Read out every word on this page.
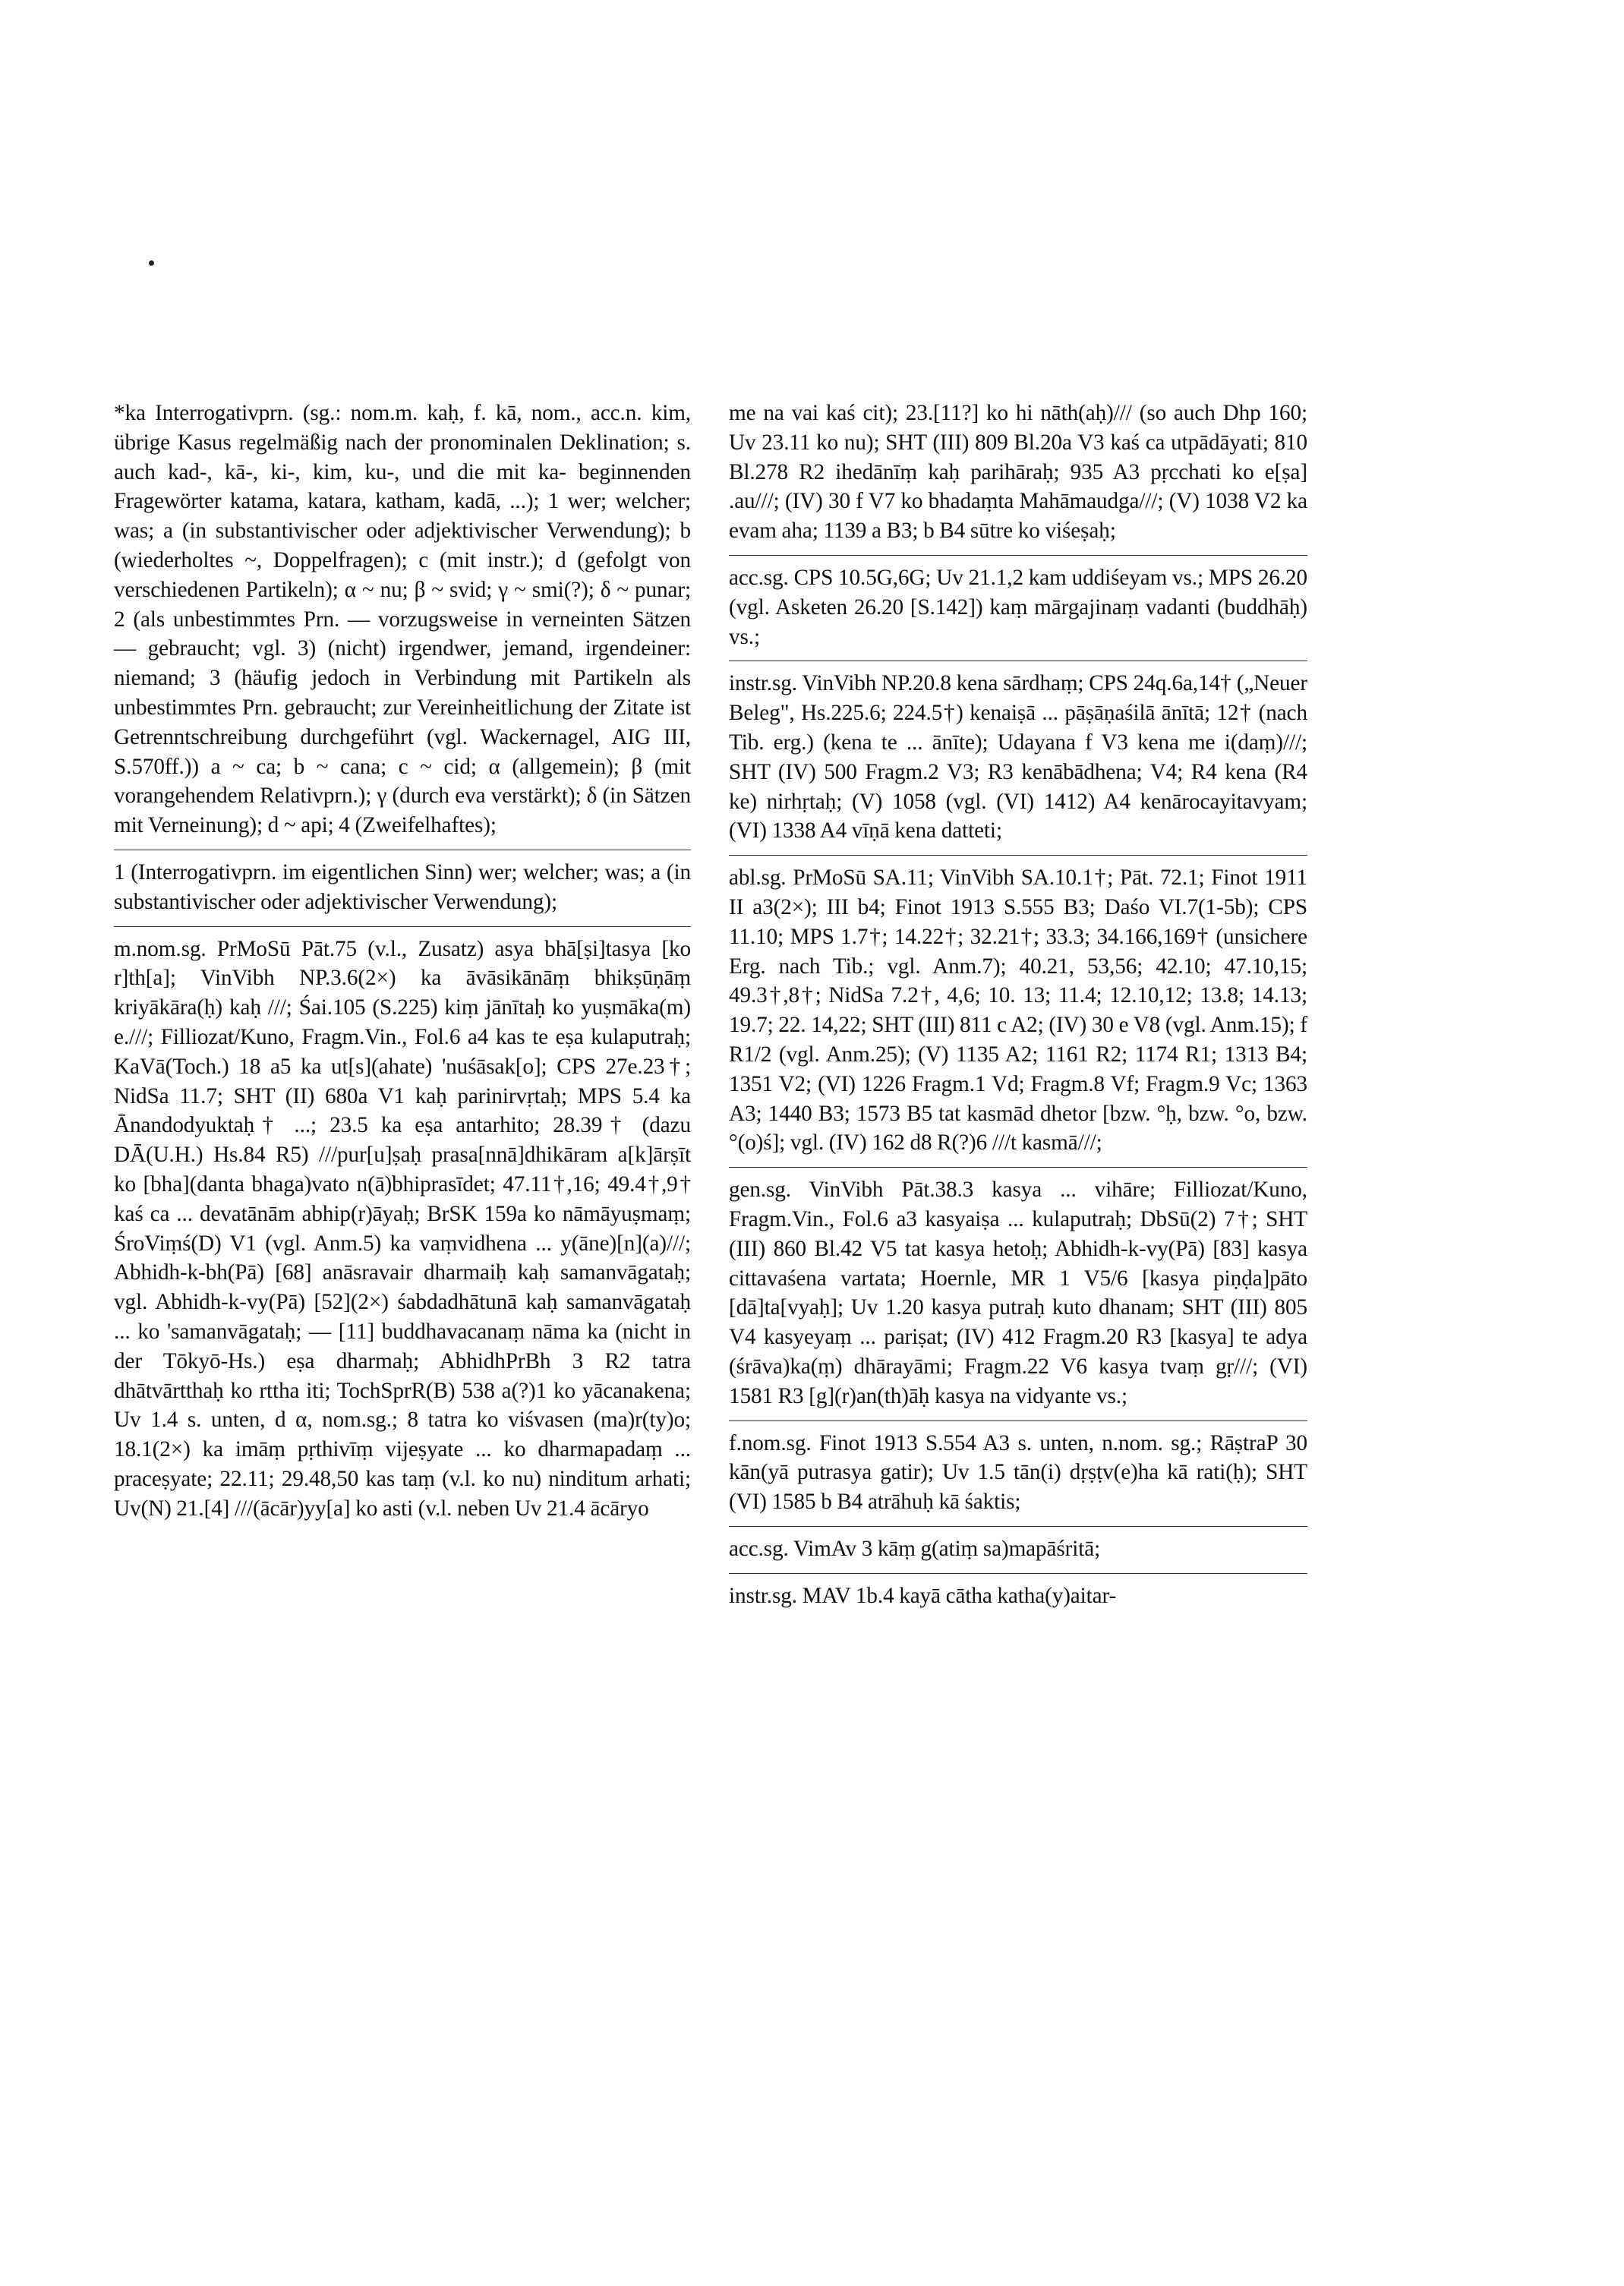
*ka Interrogativprn. (sg.: nom.m. kaḥ, f. kā, nom., acc.n. kim, übrige Kasus regelmäßig nach der pronominalen Deklination; s. auch kad-, kā-, ki-, kim, ku-, und die mit ka- beginnenden Fragewörter katama, katara, katham, kadā, ...); 1 wer; welcher; was; a (in substantivischer oder adjektivischer Verwendung); b (wiederholtes ~, Doppelfragen); c (mit instr.); d (gefolgt von verschiedenen Partikeln); α ~ nu; β ~ svid; γ ~ smi(?); δ ~ punar; 2 (als unbestimmtes Prn. — vorzugsweise in verneinten Sätzen — gebraucht; vgl. 3) (nicht) irgendwer, jemand, irgendeiner: niemand; 3 (häufig jedoch in Verbindung mit Partikeln als unbestimmtes Prn. gebraucht; zur Vereinheitlichung der Zitate ist Getrenntschreibung durchgeführt (vgl. Wackernagel, AIG III, S.570ff.)) a ~ ca; b ~ cana; c ~ cid; α (allgemein); β (mit vorangehendem Relativprn.); γ (durch eva verstärkt); δ (in Sätzen mit Verneinung); d ~ api; 4 (Zweifelhaftes);

1 (Interrogativprn. im eigentlichen Sinn) wer; welcher; was; a (in substantivischer oder adjektivischer Verwendung);

m.nom.sg. PrMoSū Pāt.75 (v.l., Zusatz) asya bhā[ṣi]tasya [ko r]th[a]; VinVibh NP.3.6(2×) ka āvāsikānāṃ bhikṣūṇāṃ kriyākāra(ḥ) kaḥ ///; Śai.105 (S.225) kiṃ jānītaḥ ko yuṣmāka(m) e.///; Filliozat/Kuno, Fragm.Vin., Fol.6 a4 kas te eṣa kulaputraḥ; KaVā(Toch.) 18 a5 ka ut[s](ahate) 'nuśāsak[o]; CPS 27e.23†; NidSa 11.7; SHT (II) 680a V1 kaḥ parinirvṛtaḥ; MPS 5.4 ka Ānandodyuktaḥ† ...; 23.5 ka eṣa antarhito; 28.39† (dazu DĀ(U.H.) Hs.84 R5) ///pur[u]ṣaḥ prasa[nnā]dhikāram a[k]ārṣīt ko [bha](danta bhaga)vato n(ā)bhiprasīdet; 47.11†,16; 49.4†,9† kaś ca ... devatānām abhip(r)āyaḥ; BrSK 159a ko nāmāyuṣmaṃ; ŚroViṃś(D) V1 (vgl. Anm.5) ka vaṃvidhena ... y(āne)[n](a)///; Abhidh-k-bh(Pā) [68] anāsravair dharmaiḥ kaḥ samanvāgataḥ; vgl. Abhidh-k-vy(Pā) [52](2×) śabdadhātunā kaḥ samanvāgataḥ ... ko 'samanvāgataḥ; — [11] buddhavacanaṃ nāma ka (nicht in der Tōkyō-Hs.) eṣa dharmaḥ; AbhidhPrBh 3 R2 tatra dhātvārtthaḥ ko rttha iti; TochSprR(B) 538 a(?)1 ko yācanakena; Uv 1.4 s. unten, d α, nom.sg.; 8 tatra ko viśvasen (ma)r(ty)o; 18.1(2×) ka imāṃ pṛthivīṃ vijeṣyate ... ko dharmapadaṃ ... praceṣyate; 22.11; 29.48,50 kas taṃ (v.l. ko nu) ninditum arhati; Uv(N) 21.[4] ///(ācār)yy[a] ko asti (v.l. neben Uv 21.4 ācāryo

me na vai kaś cit); 23.[11?] ko hi nāth(aḥ)/// (so auch Dhp 160; Uv 23.11 ko nu); SHT (III) 809 Bl.20a V3 kaś ca utpādāyati; 810 Bl.278 R2 ihedānīṃ kaḥ parihāraḥ; 935 A3 pṛcchati ko e[ṣa] .au///; (IV) 30 f V7 ko bhadaṃta Mahāmaudga///; (V) 1038 V2 ka evam aha; 1139 a B3; b B4 sūtre ko viśeṣaḥ;

acc.sg. CPS 10.5G,6G; Uv 21.1,2 kam uddiśeyam vs.; MPS 26.20 (vgl. Asketen 26.20 [S.142]) kaṃ mārgajinaṃ vadanti (buddhāḥ) vs.;

instr.sg. VinVibh NP.20.8 kena sārdhaṃ; CPS 24q.6a,14† („Neuer Beleg", Hs.225.6; 224.5†) kenaiṣā ... pāṣāṇaśilā ānītā; 12† (nach Tib. erg.) (kena te ... ānīte); Udayana f V3 kena me i(daṃ)///; SHT (IV) 500 Fragm.2 V3; R3 kenābādhena; V4; R4 kena (R4 ke) nirhṛtaḥ; (V) 1058 (vgl. (VI) 1412) A4 kenārocayitavyam; (VI) 1338 A4 vīṇā kena datteti;

abl.sg. PrMoSū SA.11; VinVibh SA.10.1†; Pāt. 72.1; Finot 1911 II a3(2×); III b4; Finot 1913 S.555 B3; Daśo VI.7(1-5b); CPS 11.10; MPS 1.7†; 14.22†; 32.21†; 33.3; 34.166,169† (unsichere Erg. nach Tib.; vgl. Anm.7); 40.21, 53,56; 42.10; 47.10,15; 49.3†,8†; NidSa 7.2†, 4,6; 10. 13; 11.4; 12.10,12; 13.8; 14.13; 19.7; 22. 14,22; SHT (III) 811 c A2; (IV) 30 e V8 (vgl. Anm.15); f R1/2 (vgl. Anm.25); (V) 1135 A2; 1161 R2; 1174 R1; 1313 B4; 1351 V2; (VI) 1226 Fragm.1 Vd; Fragm.8 Vf; Fragm.9 Vc; 1363 A3; 1440 B3; 1573 B5 tat kasmād dhetor [bzw. °ḥ, bzw. °o, bzw. °(o)ś]; vgl. (IV) 162 d8 R(?)6 ///t kasmā///;

gen.sg. VinVibh Pāt.38.3 kasya ... vihāre; Filliozat/Kuno, Fragm.Vin., Fol.6 a3 kasyaiṣa ... kulaputraḥ; DbSū(2) 7†; SHT (III) 860 Bl.42 V5 tat kasya hetoḥ; Abhidh-k-vy(Pā) [83] kasya cittavaśena vartata; Hoernle, MR 1 V5/6 [kasya piṇḍa]pāto [dā]ta[vyaḥ]; Uv 1.20 kasya putraḥ kuto dhanam; SHT (III) 805 V4 kasyeyaṃ ... pariṣat; (IV) 412 Fragm.20 R3 [kasya] te adya (śrāva)ka(ṃ) dhārayāmi; Fragm.22 V6 kasya tvaṃ gṛ///; (VI) 1581 R3 [g](r)an(th)āḥ kasya na vidyante vs.;

f.nom.sg. Finot 1913 S.554 A3 s. unten, n.nom. sg.; RāṣtraP 30 kān(yā putrasya gatir); Uv 1.5 tān(i) dṛṣṭv(e)ha kā rati(ḥ); SHT (VI) 1585 b B4 atrāhuḥ kā śaktis;

acc.sg. VimAv 3 kāṃ g(atiṃ sa)mapāśritā;

instr.sg. MAV 1b.4 kayā cātha katha(y)aitar-
